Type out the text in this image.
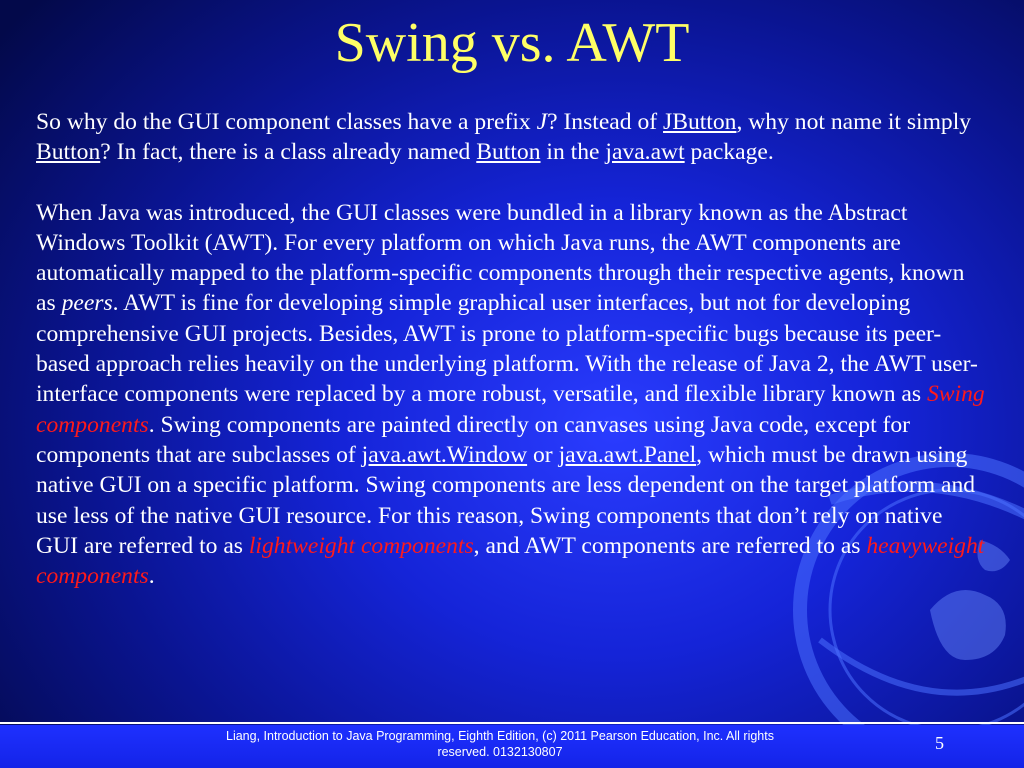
Swing vs. AWT

So why do the GUI component classes have a prefix J? Instead of JButton, why not name it simply Button? In fact, there is a class already named Button in the java.awt package.

When Java was introduced, the GUI classes were bundled in a library known as the Abstract Windows Toolkit (AWT). For every platform on which Java runs, the AWT components are automatically mapped to the platform-specific components through their respective agents, known as peers. AWT is fine for developing simple graphical user interfaces, but not for developing comprehensive GUI projects. Besides, AWT is prone to platform-specific bugs because its peer-based approach relies heavily on the underlying platform. With the release of Java 2, the AWT user-interface components were replaced by a more robust, versatile, and flexible library known as Swing components. Swing components are painted directly on canvases using Java code, except for components that are subclasses of java.awt.Window or java.awt.Panel, which must be drawn using native GUI on a specific platform. Swing components are less dependent on the target platform and use less of the native GUI resource. For this reason, Swing components that don’t rely on native GUI are referred to as lightweight components, and AWT components are referred to as heavyweight components.

Liang, Introduction to Java Programming, Eighth Edition, (c) 2011 Pearson Education, Inc. All rights reserved. 0132130807	5
